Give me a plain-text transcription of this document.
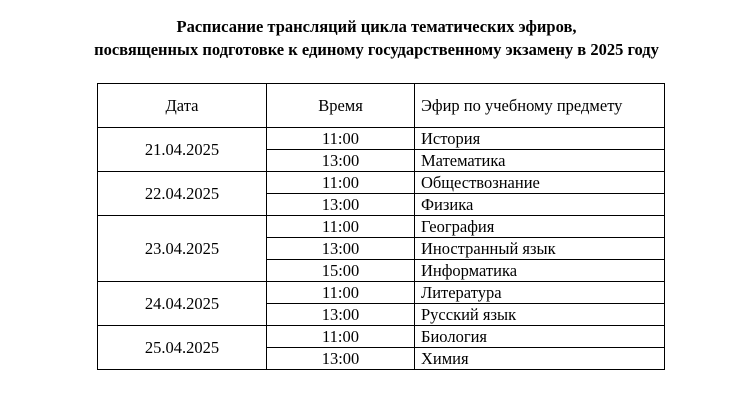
Расписание трансляций цикла тематических эфиров,
посвященных подготовке к единому государственному экзамену в 2025 году
Дата	Время	Эфир по учебному предмету
21.04.2025	11:00	История
	13:00	Математика
22.04.2025	11:00	Обществознание
	13:00	Физика
23.04.2025	11:00	География
	13:00	Иностранный язык
	15:00	Информатика
24.04.2025	11:00	Литература
	13:00	Русский язык
25.04.2025	11:00	Биология
	13:00	Химия
